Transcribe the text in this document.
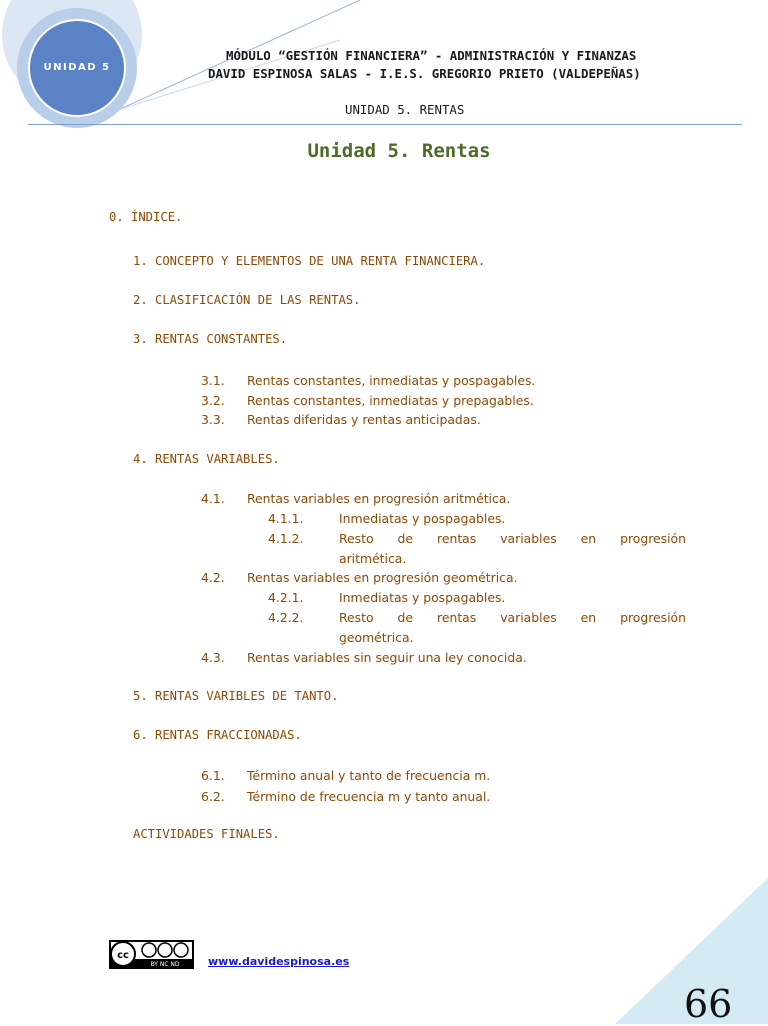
UNIDAD 5
MÓDULO “GESTIÓN FINANCIERA” - ADMINISTRACIÓN Y FINANZAS
DAVID ESPINOSA SALAS - I.E.S. GREGORIO PRIETO (VALDEPEÑAS)
UNIDAD 5. RENTAS
Unidad 5. Rentas
0. ÍNDICE.
1. CONCEPTO Y ELEMENTOS DE UNA RENTA FINANCIERA.
2. CLASIFICACIÓN DE LAS RENTAS.
3. RENTAS CONSTANTES.
3.1. Rentas constantes, inmediatas y pospagables.
3.2. Rentas constantes, inmediatas y prepagables.
3.3. Rentas diferidas y rentas anticipadas.
4. RENTAS VARIABLES.
4.1. Rentas variables en progresión aritmética.
4.1.1.	Inmediatas y pospagables.
4.1.2.	Resto de rentas variables en progresión
aritmética.
4.2. Rentas variables en progresión geométrica.
4.2.1.	Inmediatas y pospagables.
4.2.2.	Resto de rentas variables en progresión
geométrica.
4.3. Rentas variables sin seguir una ley conocida.
5. RENTAS VARIBLES DE TANTO.
6. RENTAS FRACCIONADAS.
6.1. Término anual y tanto de frecuencia m.
6.2. Término de frecuencia m y tanto anual.
ACTIVIDADES FINALES.
cc
BY NC ND	www.davidespinosa.es
66
